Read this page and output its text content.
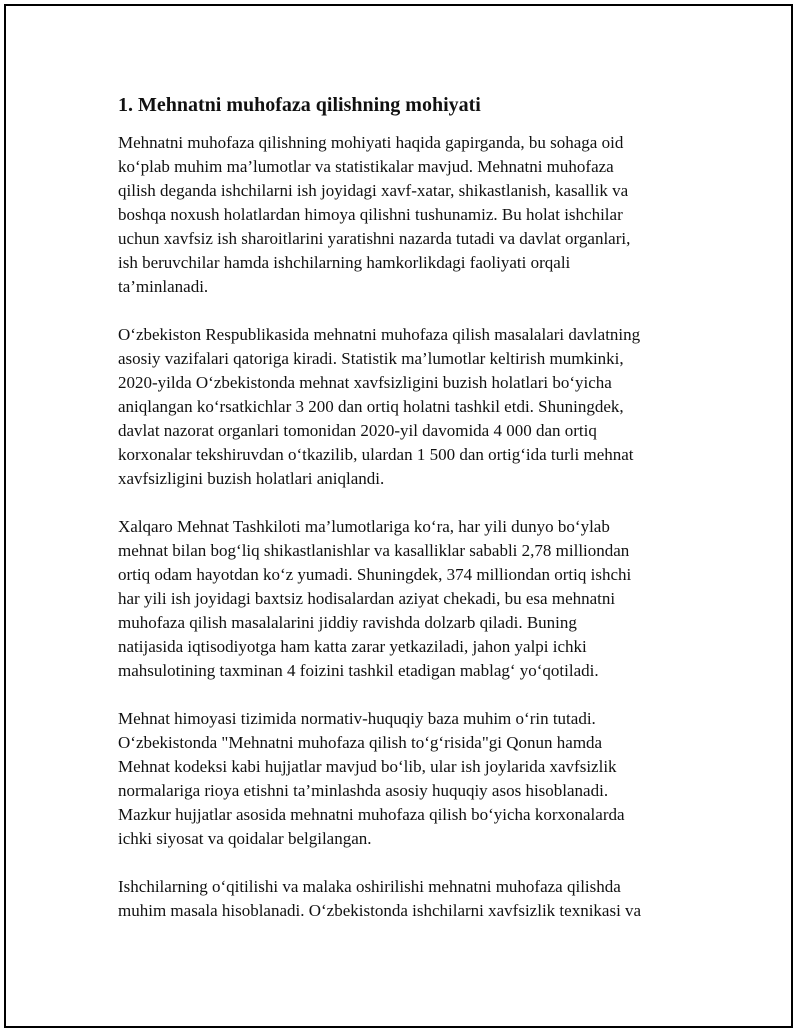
1. Mehnatni muhofaza qilishning mohiyati
Mehnatni muhofaza qilishning mohiyati haqida gapirganda, bu sohaga oid
ko‘plab muhim ma’lumotlar va statistikalar mavjud. Mehnatni muhofaza
qilish deganda ishchilarni ish joyidagi xavf-xatar, shikastlanish, kasallik va
boshqa noxush holatlardan himoya qilishni tushunamiz. Bu holat ishchilar
uchun xavfsiz ish sharoitlarini yaratishni nazarda tutadi va davlat organlari,
ish beruvchilar hamda ishchilarning hamkorlikdagi faoliyati orqali
ta’minlanadi.
O‘zbekiston Respublikasida mehnatni muhofaza qilish masalalari davlatning
asosiy vazifalari qatoriga kiradi. Statistik ma’lumotlar keltirish mumkinki,
2020-yilda O‘zbekistonda mehnat xavfsizligini buzish holatlari bo‘yicha
aniqlangan ko‘rsatkichlar 3 200 dan ortiq holatni tashkil etdi. Shuningdek,
davlat nazorat organlari tomonidan 2020-yil davomida 4 000 dan ortiq
korxonalar tekshiruvdan o‘tkazilib, ulardan 1 500 dan ortig‘ida turli mehnat
xavfsizligini buzish holatlari aniqlandi.
Xalqaro Mehnat Tashkiloti ma’lumotlariga ko‘ra, har yili dunyo bo‘ylab
mehnat bilan bog‘liq shikastlanishlar va kasalliklar sababli 2,78 milliondan
ortiq odam hayotdan ko‘z yumadi. Shuningdek, 374 milliondan ortiq ishchi
har yili ish joyidagi baxtsiz hodisalardan aziyat chekadi, bu esa mehnatni
muhofaza qilish masalalarini jiddiy ravishda dolzarb qiladi. Buning
natijasida iqtisodiyotga ham katta zarar yetkaziladi, jahon yalpi ichki
mahsulotining taxminan 4 foizini tashkil etadigan mablag‘ yo‘qotiladi.
Mehnat himoyasi tizimida normativ-huquqiy baza muhim o‘rin tutadi.
O‘zbekistonda "Mehnatni muhofaza qilish to‘g‘risida"gi Qonun hamda
Mehnat kodeksi kabi hujjatlar mavjud bo‘lib, ular ish joylarida xavfsizlik
normalariga rioya etishni ta’minlashda asosiy huquqiy asos hisoblanadi.
Mazkur hujjatlar asosida mehnatni muhofaza qilish bo‘yicha korxonalarda
ichki siyosat va qoidalar belgilangan.
Ishchilarning o‘qitilishi va malaka oshirilishi mehnatni muhofaza qilishda
muhim masala hisoblanadi. O‘zbekistonda ishchilarni xavfsizlik texnikasi va
